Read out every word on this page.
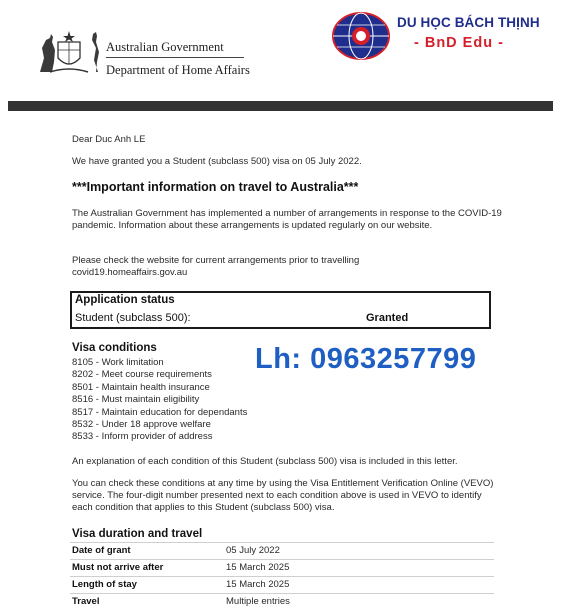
Australian Government
Department of Home Affairs
DU HỌC BÁCH THỊNH
- BnD Edu -
Dear Duc Anh LE
We have granted you a Student (subclass 500) visa on 05 July 2022.
***Important information on travel to Australia***
The Australian Government has implemented a number of arrangements in response to the COVID-19 pandemic. Information about these arrangements is updated regularly on our website.
Please check the website for current arrangements prior to travelling
covid19.homeaffairs.gov.au
Application status
Student (subclass 500):	Granted
Visa conditions
8105 - Work limitation
8202 - Meet course requirements
8501 - Maintain health insurance
8516 - Must maintain eligibility
8517 - Maintain education for dependants
8532 - Under 18 approve welfare
8533 - Inform provider of address
Lh: 0963257799
An explanation of each condition of this Student (subclass 500) visa is included in this letter.
You can check these conditions at any time by using the Visa Entitlement Verification Online (VEVO) service. The four-digit number presented next to each condition above is used in VEVO to identify each condition that applies to this Student (subclass 500) visa.
Visa duration and travel
Date of grant	05 July 2022
Must not arrive after	15 March 2025
Length of stay	15 March 2025
Travel	Multiple entries
